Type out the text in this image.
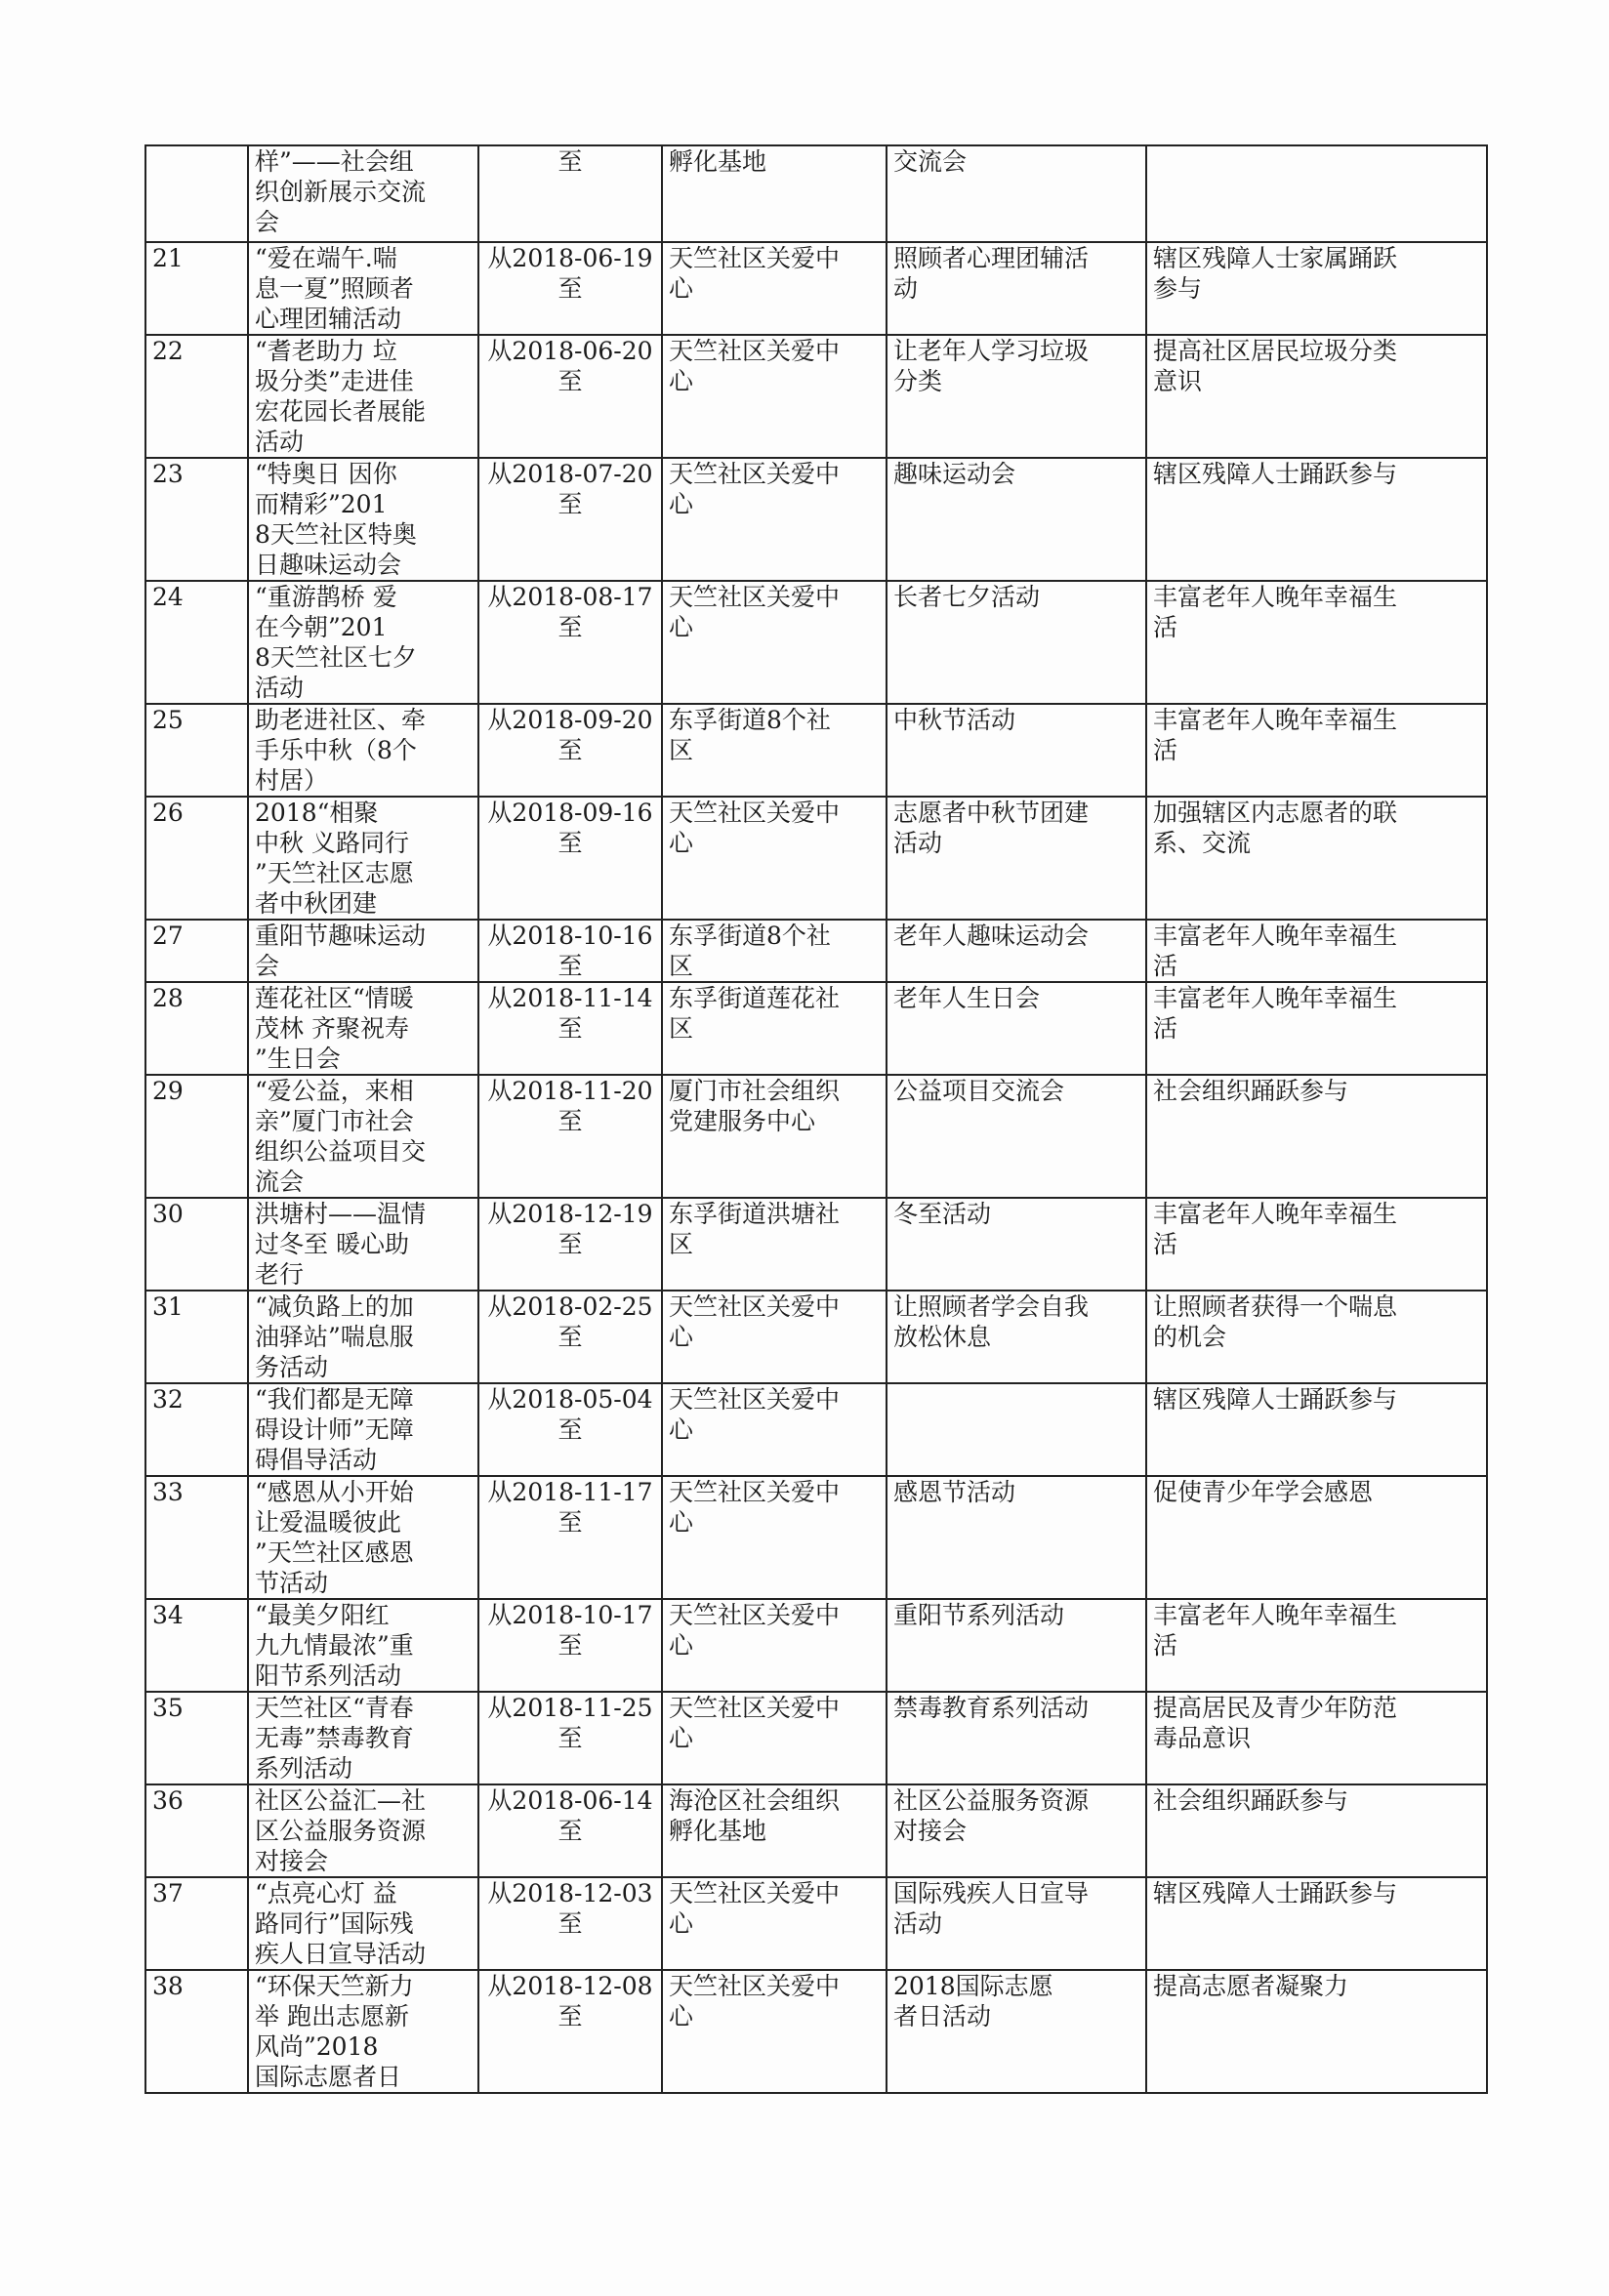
	样”——社会组
织创新展示交流
会	至	孵化基地	交流会	
21	“爱在端午.喘
息一夏”照顾者
心理团辅活动	从2018-06-19
至	天竺社区关爱中
心	照顾者心理团辅活
动	辖区残障人士家属踊跃
参与
22	“耆老助力 垃
圾分类”走进佳
宏花园长者展能
活动	从2018-06-20
至	天竺社区关爱中
心	让老年人学习垃圾
分类	提高社区居民垃圾分类
意识
23	“特奥日 因你
而精彩”201
8天竺社区特奥
日趣味运动会	从2018-07-20
至	天竺社区关爱中
心	趣味运动会	辖区残障人士踊跃参与
24	“重游鹊桥 爱
在今朝”201
8天竺社区七夕
活动	从2018-08-17
至	天竺社区关爱中
心	长者七夕活动	丰富老年人晚年幸福生
活
25	助老进社区、牵
手乐中秋（8个
村居）	从2018-09-20
至	东孚街道8个社
区	中秋节活动	丰富老年人晚年幸福生
活
26	2018“相聚
中秋 义路同行
”天竺社区志愿
者中秋团建	从2018-09-16
至	天竺社区关爱中
心	志愿者中秋节团建
活动	加强辖区内志愿者的联
系、交流
27	重阳节趣味运动
会	从2018-10-16
至	东孚街道8个社
区	老年人趣味运动会	丰富老年人晚年幸福生
活
28	莲花社区“情暖
茂林 齐聚祝寿
”生日会	从2018-11-14
至	东孚街道莲花社
区	老年人生日会	丰富老年人晚年幸福生
活
29	“爱公益，来相
亲”厦门市社会
组织公益项目交
流会	从2018-11-20
至	厦门市社会组织
党建服务中心	公益项目交流会	社会组织踊跃参与
30	洪塘村——温情
过冬至 暖心助
老行	从2018-12-19
至	东孚街道洪塘社
区	冬至活动	丰富老年人晚年幸福生
活
31	“减负路上的加
油驿站”喘息服
务活动	从2018-02-25
至	天竺社区关爱中
心	让照顾者学会自我
放松休息	让照顾者获得一个喘息
的机会
32	“我们都是无障
碍设计师”无障
碍倡导活动	从2018-05-04
至	天竺社区关爱中
心		辖区残障人士踊跃参与
33	“感恩从小开始
让爱温暖彼此
”天竺社区感恩
节活动	从2018-11-17
至	天竺社区关爱中
心	感恩节活动	促使青少年学会感恩
34	“最美夕阳红
九九情最浓”重
阳节系列活动	从2018-10-17
至	天竺社区关爱中
心	重阳节系列活动	丰富老年人晚年幸福生
活
35	天竺社区“青春
无毒”禁毒教育
系列活动	从2018-11-25
至	天竺社区关爱中
心	禁毒教育系列活动	提高居民及青少年防范
毒品意识
36	社区公益汇—社
区公益服务资源
对接会	从2018-06-14
至	海沧区社会组织
孵化基地	社区公益服务资源
对接会	社会组织踊跃参与
37	“点亮心灯 益
路同行”国际残
疾人日宣导活动	从2018-12-03
至	天竺社区关爱中
心	国际残疾人日宣导
活动	辖区残障人士踊跃参与
38	“环保天竺新力
举 跑出志愿新
风尚”2018
国际志愿者日	从2018-12-08
至	天竺社区关爱中
心	2018国际志愿
者日活动	提高志愿者凝聚力
